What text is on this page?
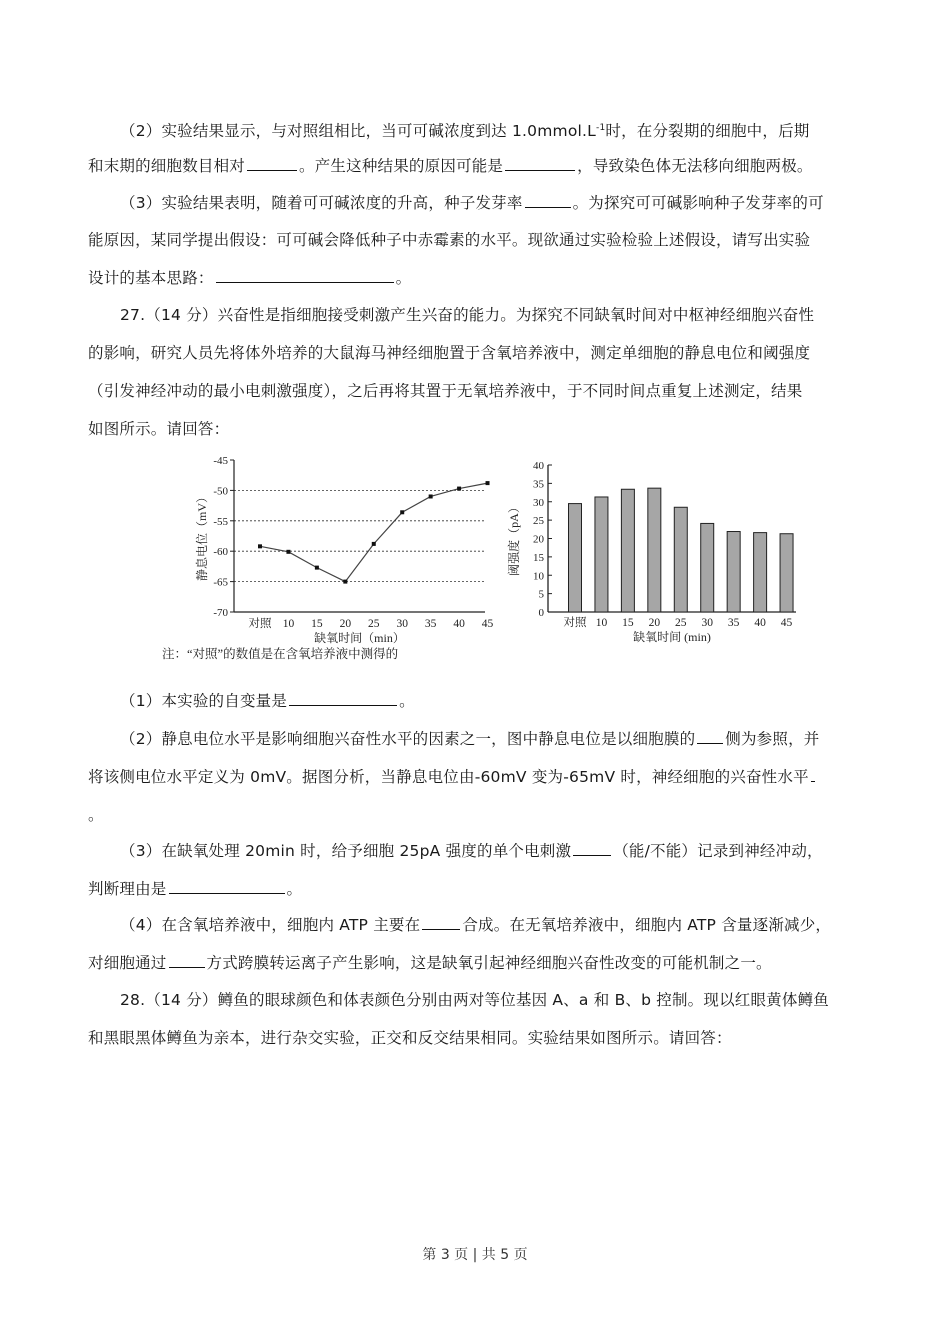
（2）实验结果显示，与对照组相比，当可可碱浓度到达 $1.0mmol.L^{-1}$时，在分裂期的细胞中，后期
和末期的细胞数目相对	。产生这种结果的原因可能是	，导致染色体无法移向细胞两极。
（3）实验结果表明，随着可可碱浓度的升高，种子发芽率	。为探究可可碱影响种子发芽率的可
能原因，某同学提出假设：可可碱会降低种子中赤霉素的水平。现欲通过实验检验上述假设，请写出实验
设计的基本思路：	。
27.（14 分）兴奋性是指细胞接受刺激产生兴奋的能力。为探究不同缺氧时间对中枢神经细胞兴奋性
的影响，研究人员先将体外培养的大鼠海马神经细胞置于含氧培养液中，测定单细胞的静息电位和阈强度
（引发神经冲动的最小电刺激强度），之后再将其置于无氧培养液中，于不同时间点重复上述测定，结果
如图所示。请回答：
-45
-50
-55
-60
-65
-70
对照 10 15 20 25 30 35 40 45
缺氧时间（min）
静息电位（mV）
注：“对照”的数值是在含氧培养液中测得的
0
5
10
15
20
25
30
35
40
对照 10 15 20 25 30 35 40 45
缺氧时间 (min)
阈强度（pA）
（1）本实验的自变量是	。
（2）静息电位水平是影响细胞兴奋性水平的因素之一，图中静息电位是以细胞膜的 侧为参照，并
将该侧电位水平定义为 0mV。据图分析，当静息电位由-60mV 变为-65mV 时，神经细胞的兴奋性水平
。
（3）在缺氧处理 20min 时，给予细胞 25pA 强度的单个电刺激	（能/不能）记录到神经冲动，
判断理由是	。
（4）在含氧培养液中，细胞内 ATP 主要在	合成。在无氧培养液中，细胞内 ATP 含量逐渐减少，
对细胞通过	方式跨膜转运离子产生影响，这是缺氧引起神经细胞兴奋性改变的可能机制之一。
28.（14 分）鳟鱼的眼球颜色和体表颜色分别由两对等位基因 A、a 和 B、b 控制。现以红眼黄体鳟鱼
和黑眼黑体鳟鱼为亲本，进行杂交实验，正交和反交结果相同。实验结果如图所示。请回答：
第 3 页 | 共 5 页
